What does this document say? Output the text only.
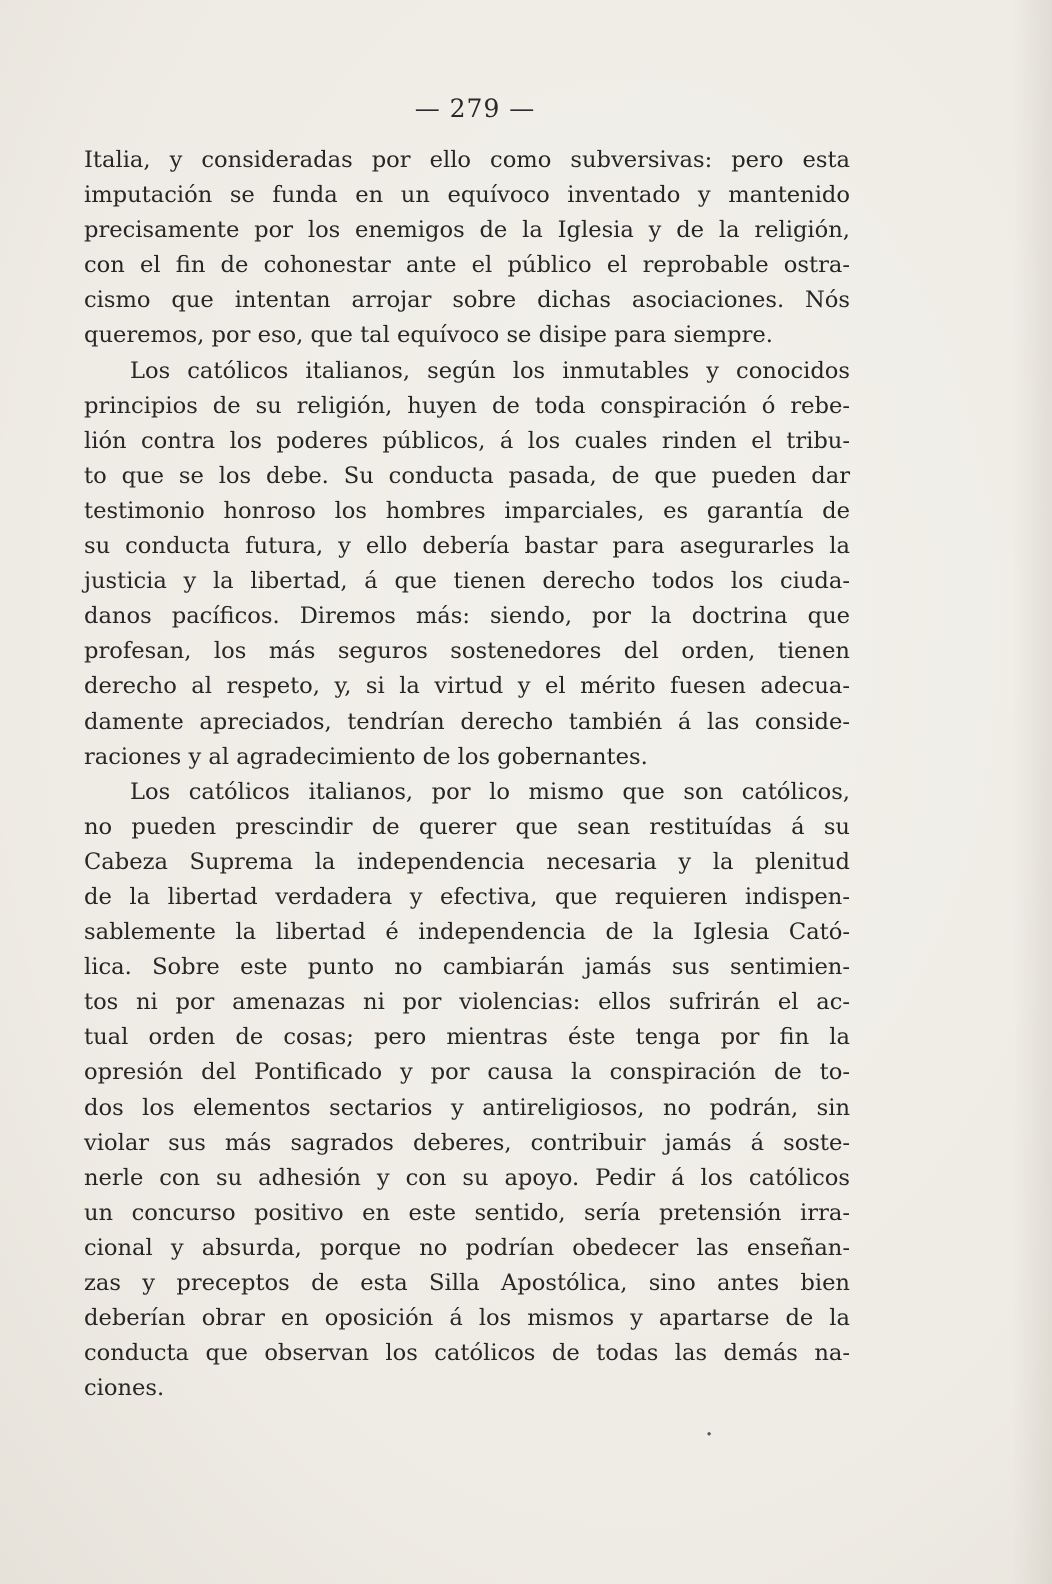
— 279 —
Italia, y consideradas por ello como subversivas: pero esta
imputación se funda en un equívoco inventado y mantenido
precisamente por los enemigos de la Iglesia y de la religión,
con el fin de cohonestar ante el público el reprobable ostra-
cismo que intentan arrojar sobre dichas asociaciones. Nós
queremos, por eso, que tal equívoco se disipe para siempre.
Los católicos italianos, según los inmutables y conocidos
principios de su religión, huyen de toda conspiración ó rebe-
lión contra los poderes públicos, á los cuales rinden el tribu-
to que se los debe. Su conducta pasada, de que pueden dar
testimonio honroso los hombres imparciales, es garantía de
su conducta futura, y ello debería bastar para asegurarles la
justicia y la libertad, á que tienen derecho todos los ciuda-
danos pacíficos. Diremos más: siendo, por la doctrina que
profesan, los más seguros sostenedores del orden, tienen
derecho al respeto, y, si la virtud y el mérito fuesen adecua-
damente apreciados, tendrían derecho también á las conside-
raciones y al agradecimiento de los gobernantes.
Los católicos italianos, por lo mismo que son católicos,
no pueden prescindir de querer que sean restituídas á su
Cabeza Suprema la independencia necesaria y la plenitud
de la libertad verdadera y efectiva, que requieren indispen-
sablemente la libertad é independencia de la Iglesia Cató-
lica. Sobre este punto no cambiarán jamás sus sentimien-
tos ni por amenazas ni por violencias: ellos sufrirán el ac-
tual orden de cosas; pero mientras éste tenga por fin la
opresión del Pontificado y por causa la conspiración de to-
dos los elementos sectarios y antireligiosos, no podrán, sin
violar sus más sagrados deberes, contribuir jamás á soste-
nerle con su adhesión y con su apoyo. Pedir á los católicos
un concurso positivo en este sentido, sería pretensión irra-
cional y absurda, porque no podrían obedecer las enseñan-
zas y preceptos de esta Silla Apostólica, sino antes bien
deberían obrar en oposición á los mismos y apartarse de la
conducta que observan los católicos de todas las demás na-
ciones.
·
